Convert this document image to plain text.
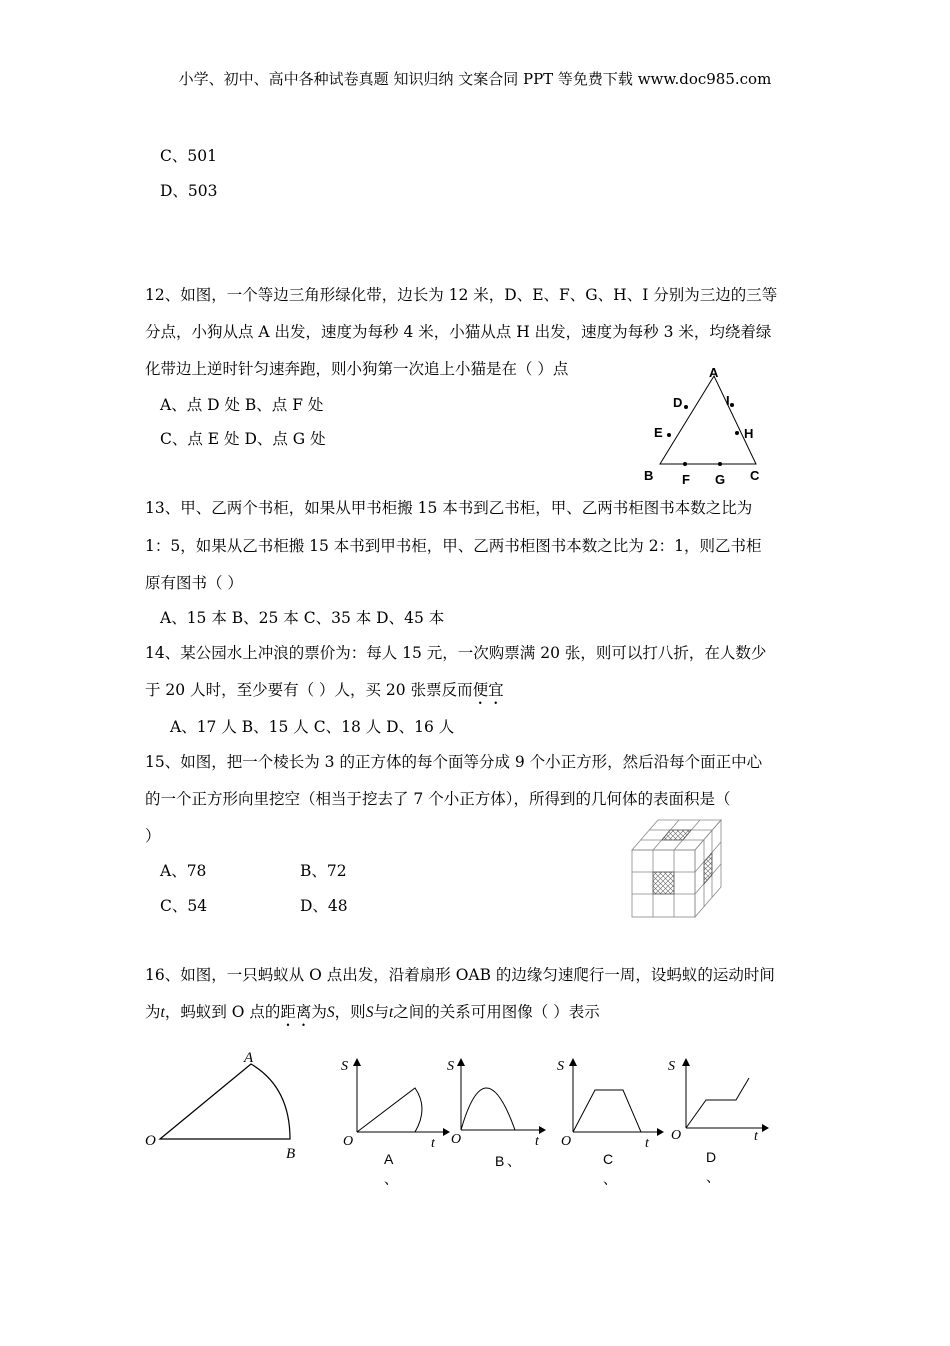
小学、初中、高中各种试卷真题 知识归纳 文案合同 PPT 等免费下载 www.doc985.com
C、501
D、503
12、如图，一个等边三角形绿化带，边长为 12 米，D、E、F、G、H、I 分别为三边的三等
分点，小狗从点 A 出发，速度为每秒 4 米，小猫从点 H 出发，速度为每秒 3 米，均绕着绿
化带边上逆时针匀速奔跑，则小狗第一次追上小猫是在（ ）点
A、点 D 处 B、点 F 处
C、点 E 处 D、点 G 处
A
B	C
D
E
F G
H
I
13、甲、乙两个书柜，如果从甲书柜搬 15 本书到乙书柜，甲、乙两书柜图书本数之比为
1：5，如果从乙书柜搬 15 本书到甲书柜，甲、乙两书柜图书本数之比为 2：1，则乙书柜
原有图书（ ）
A、15 本 B、25 本 C、35 本 D、45 本
14、某公园水上冲浪的票价为：每人 15 元，一次购票满 20 张，则可以打八折，在人数少
于 20 人时，至少要有（ ）人，买 20 张票反而便宜
A、17 人 B、15 人 C、18 人 D、16 人
15、如图，把一个棱长为 3 的正方体的每个面等分成 9 个小正方形，然后沿每个面正中心
的一个正方形向里挖空（相当于挖去了 7 个小正方体），所得到的几何体的表面积是（
）
A、78	B、72
C、54	D、48
16、如图，一只蚂蚁从 O 点出发，沿着扇形 OAB 的边缘匀速爬行一周，设蚂蚁的运动时间
为t，蚂蚁到 O 点的距离为S，则S与t之间的关系可用图像（ ）表示
O
A
B
S
O	t
A
、
S
O	t
B 、
S
O	t
C
、
S
O	t
D
、
